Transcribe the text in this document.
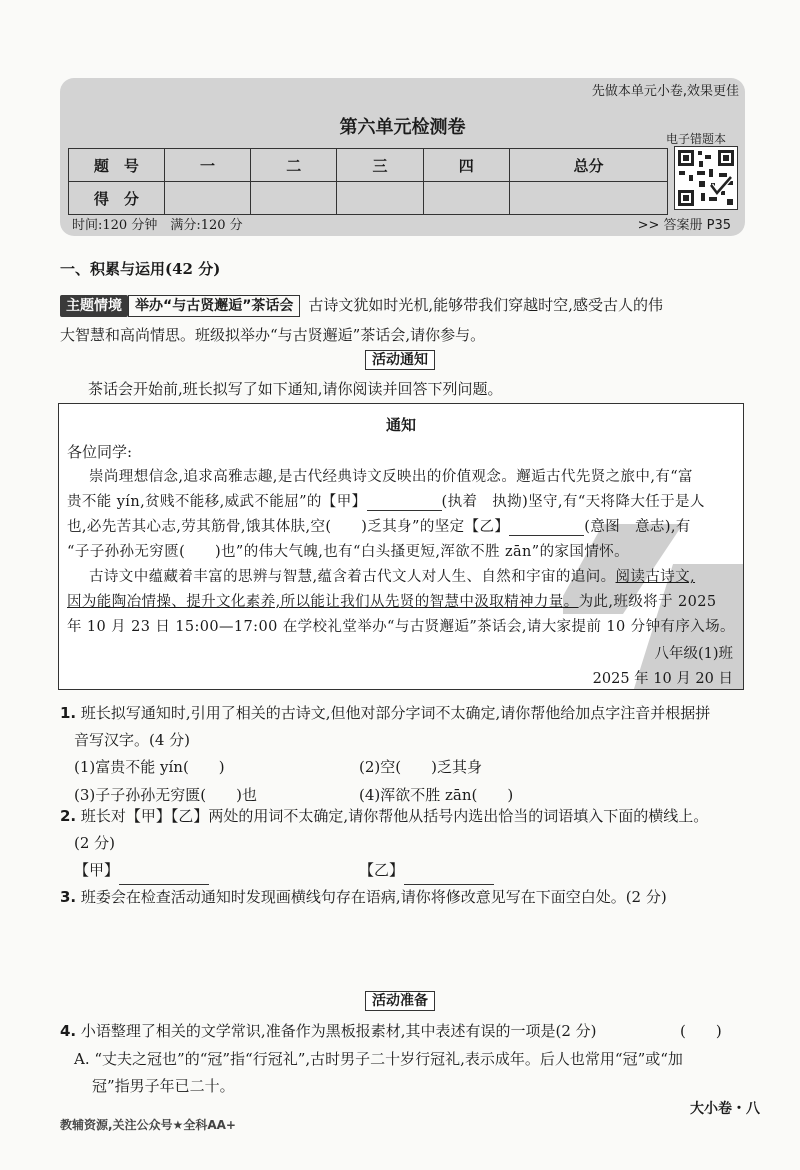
先做本单元小卷,效果更佳
第六单元检测卷
题　号	一	二	三	四	总分
得　分					
电子错题本
时间:120 分钟　满分:120 分	>> 答案册 P35
一、积累与运用(42 分)
主题情境 举办“与古贤邂逅”茶话会 古诗文犹如时光机,能够带我们穿越时空,感受古人的伟
大智慧和高尚情思。班级拟举办“与古贤邂逅”茶话会,请你参与。
活动通知
茶话会开始前,班长拟写了如下通知,请你阅读并回答下列问题。
通知
各位同学:
崇尚理想信念,追求高雅志趣,是古代经典诗文反映出的价值观念。邂逅古代先贤之旅中,有“富
贵不能 yín,贫贱不能移,威武不能屈”的【甲】	(执着　执拗)坚守,有“天将降大任于是人
也,必先苦其心志,劳其筋骨,饿其体肤,空(　　)乏其身”的坚定【乙】	(意图　意志),有
“子子孙孙无穷匮(　　)也”的伟大气魄,也有“白头搔更短,浑欲不胜 zān”的家国情怀。
古诗文中蕴藏着丰富的思辨与智慧,蕴含着古代文人对人生、自然和宇宙的追问。阅读古诗文,
因为能陶冶情操、提升文化素养,所以能让我们从先贤的智慧中汲取精神力量。为此,班级将于 2025
年 10 月 23 日 15:00—17:00 在学校礼堂举办“与古贤邂逅”茶话会,请大家提前 10 分钟有序入场。
八年级(1)班
2025 年 10 月 20 日
1. 班长拟写通知时,引用了相关的古诗文,但他对部分字词不太确定,请你帮他给加点字注音并根据拼
音写汉字。(4 分)
(1)富贵不能 yín(　　)	(2)空(　　)乏其身
(3)子子孙孙无穷匮(　　)也	(4)浑欲不胜 zān(　　)
2. 班长对【甲】【乙】两处的用词不太确定,请你帮他从括号内选出恰当的词语填入下面的横线上。
(2 分)
【甲】	【乙】
3. 班委会在检查活动通知时发现画横线句存在语病,请你将修改意见写在下面空白处。(2 分)
活动准备
4. 小语整理了相关的文学常识,准备作为黑板报素材,其中表述有误的一项是(2 分)	(　　)
A. “丈夫之冠也”的“冠”指“行冠礼”,古时男子二十岁行冠礼,表示成年。后人也常用“冠”或“加
冠”指男子年已二十。
大小卷・八
教辅资源,关注公众号★全科AA+
